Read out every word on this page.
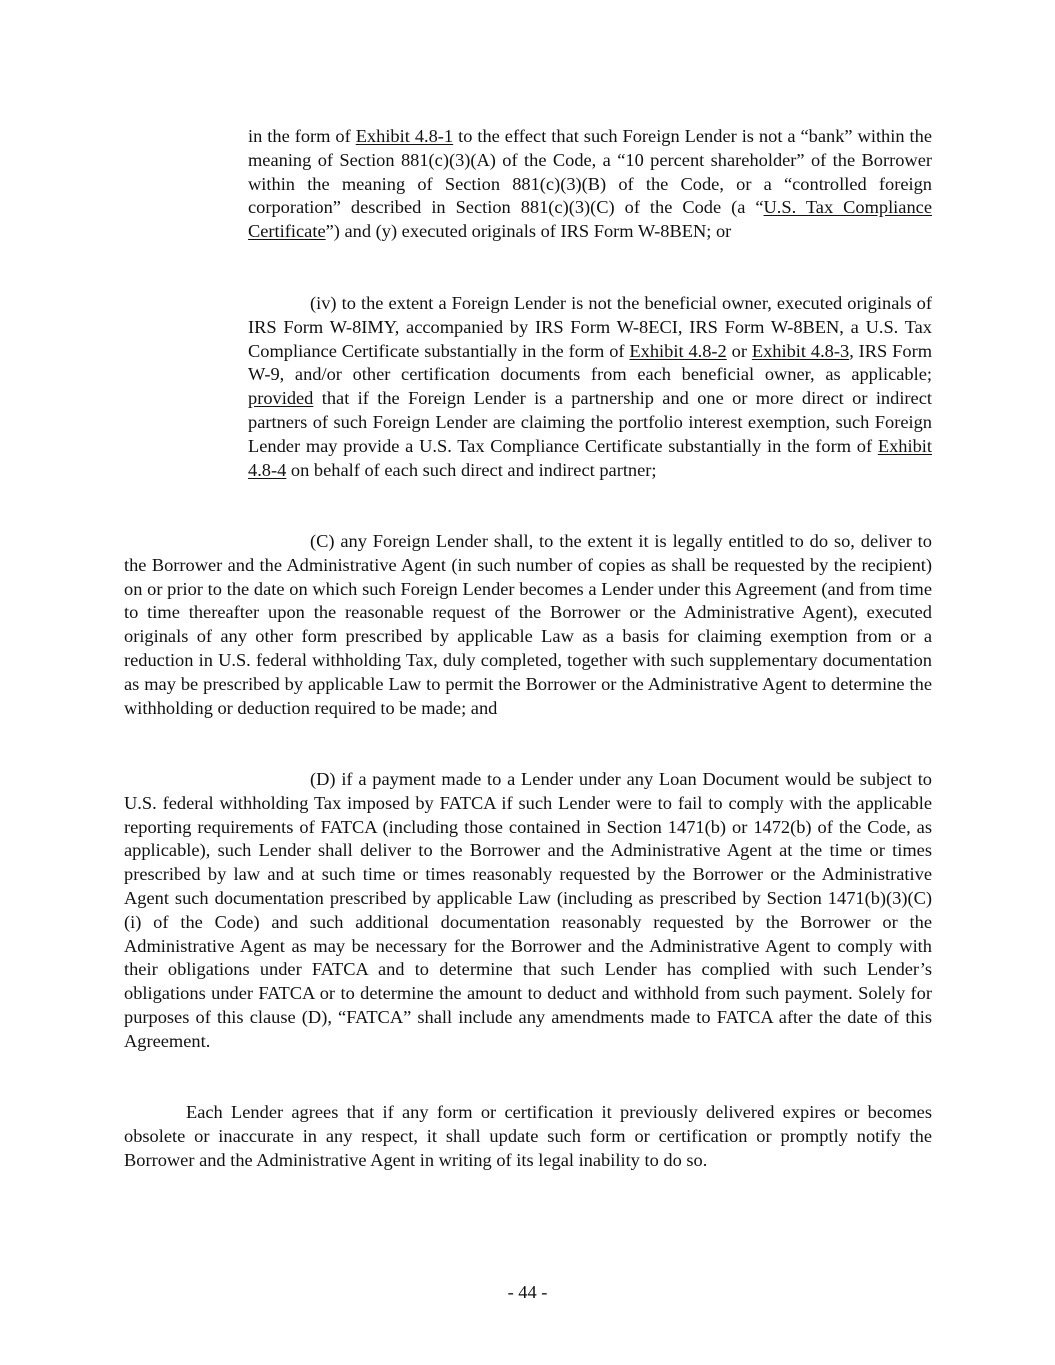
in the form of Exhibit 4.8-1 to the effect that such Foreign Lender is not a “bank” within the meaning of Section 881(c)(3)(A) of the Code, a “10 percent shareholder” of the Borrower within the meaning of Section 881(c)(3)(B) of the Code, or a “controlled foreign corporation” described in Section 881(c)(3)(C) of the Code (a “U.S. Tax Compliance Certificate”) and (y) executed originals of IRS Form W-8BEN; or

(iv) to the extent a Foreign Lender is not the beneficial owner, executed originals of IRS Form W-8IMY, accompanied by IRS Form W-8ECI, IRS Form W-8BEN, a U.S. Tax Compliance Certificate substantially in the form of Exhibit 4.8-2 or Exhibit 4.8-3, IRS Form W-9, and/or other certification documents from each beneficial owner, as applicable; provided that if the Foreign Lender is a partnership and one or more direct or indirect partners of such Foreign Lender are claiming the portfolio interest exemption, such Foreign Lender may provide a U.S. Tax Compliance Certificate substantially in the form of Exhibit 4.8-4 on behalf of each such direct and indirect partner;

(C) any Foreign Lender shall, to the extent it is legally entitled to do so, deliver to the Borrower and the Administrative Agent (in such number of copies as shall be requested by the recipient) on or prior to the date on which such Foreign Lender becomes a Lender under this Agreement (and from time to time thereafter upon the reasonable request of the Borrower or the Administrative Agent), executed originals of any other form prescribed by applicable Law as a basis for claiming exemption from or a reduction in U.S. federal withholding Tax, duly completed, together with such supplementary documentation as may be prescribed by applicable Law to permit the Borrower or the Administrative Agent to determine the withholding or deduction required to be made; and

(D) if a payment made to a Lender under any Loan Document would be subject to U.S. federal withholding Tax imposed by FATCA if such Lender were to fail to comply with the applicable reporting requirements of FATCA (including those contained in Section 1471(b) or 1472(b) of the Code, as applicable), such Lender shall deliver to the Borrower and the Administrative Agent at the time or times prescribed by law and at such time or times reasonably requested by the Borrower or the Administrative Agent such documentation prescribed by applicable Law (including as prescribed by Section 1471(b)(3)(C)(i) of the Code) and such additional documentation reasonably requested by the Borrower or the Administrative Agent as may be necessary for the Borrower and the Administrative Agent to comply with their obligations under FATCA and to determine that such Lender has complied with such Lender’s obligations under FATCA or to determine the amount to deduct and withhold from such payment. Solely for purposes of this clause (D), “FATCA” shall include any amendments made to FATCA after the date of this Agreement.

Each Lender agrees that if any form or certification it previously delivered expires or becomes obsolete or inaccurate in any respect, it shall update such form or certification or promptly notify the Borrower and the Administrative Agent in writing of its legal inability to do so.

- 44 -
